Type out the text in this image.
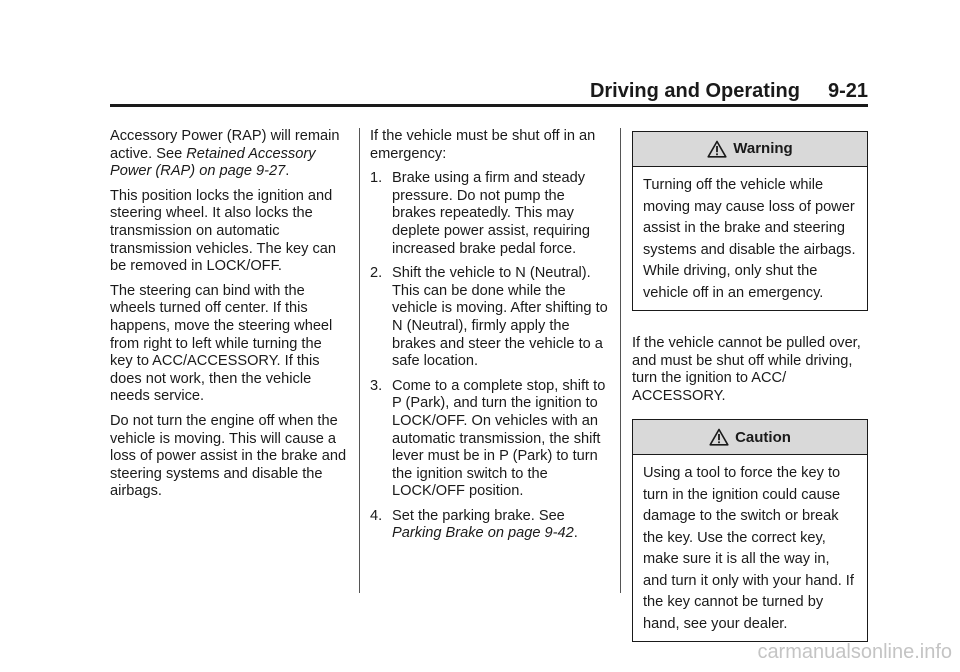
Driving and Operating 9-21

Accessory Power (RAP) will remain active. See Retained Accessory Power (RAP) on page 9-27.

This position locks the ignition and steering wheel. It also locks the transmission on automatic transmission vehicles. The key can be removed in LOCK/OFF.

The steering can bind with the wheels turned off center. If this happens, move the steering wheel from right to left while turning the key to ACC/ACCESSORY. If this does not work, then the vehicle needs service.

Do not turn the engine off when the vehicle is moving. This will cause a loss of power assist in the brake and steering systems and disable the airbags.

If the vehicle must be shut off in an emergency:

1. Brake using a firm and steady pressure. Do not pump the brakes repeatedly. This may deplete power assist, requiring increased brake pedal force.
2. Shift the vehicle to N (Neutral). This can be done while the vehicle is moving. After shifting to N (Neutral), firmly apply the brakes and steer the vehicle to a safe location.
3. Come to a complete stop, shift to P (Park), and turn the ignition to LOCK/OFF. On vehicles with an automatic transmission, the shift lever must be in P (Park) to turn the ignition switch to the LOCK/OFF position.
4. Set the parking brake. See
Parking Brake on page 9-42.
Warning
Turning off the vehicle while moving may cause loss of power assist in the brake and steering systems and disable the airbags. While driving, only shut the vehicle off in an emergency.

If the vehicle cannot be pulled over, and must be shut off while driving, turn the ignition to ACC/ ACCESSORY.

Caution
Using a tool to force the key to turn in the ignition could cause damage to the switch or break the key. Use the correct key, make sure it is all the way in, and turn it only with your hand. If the key cannot be turned by hand, see your dealer.
carmanualsonline.info
